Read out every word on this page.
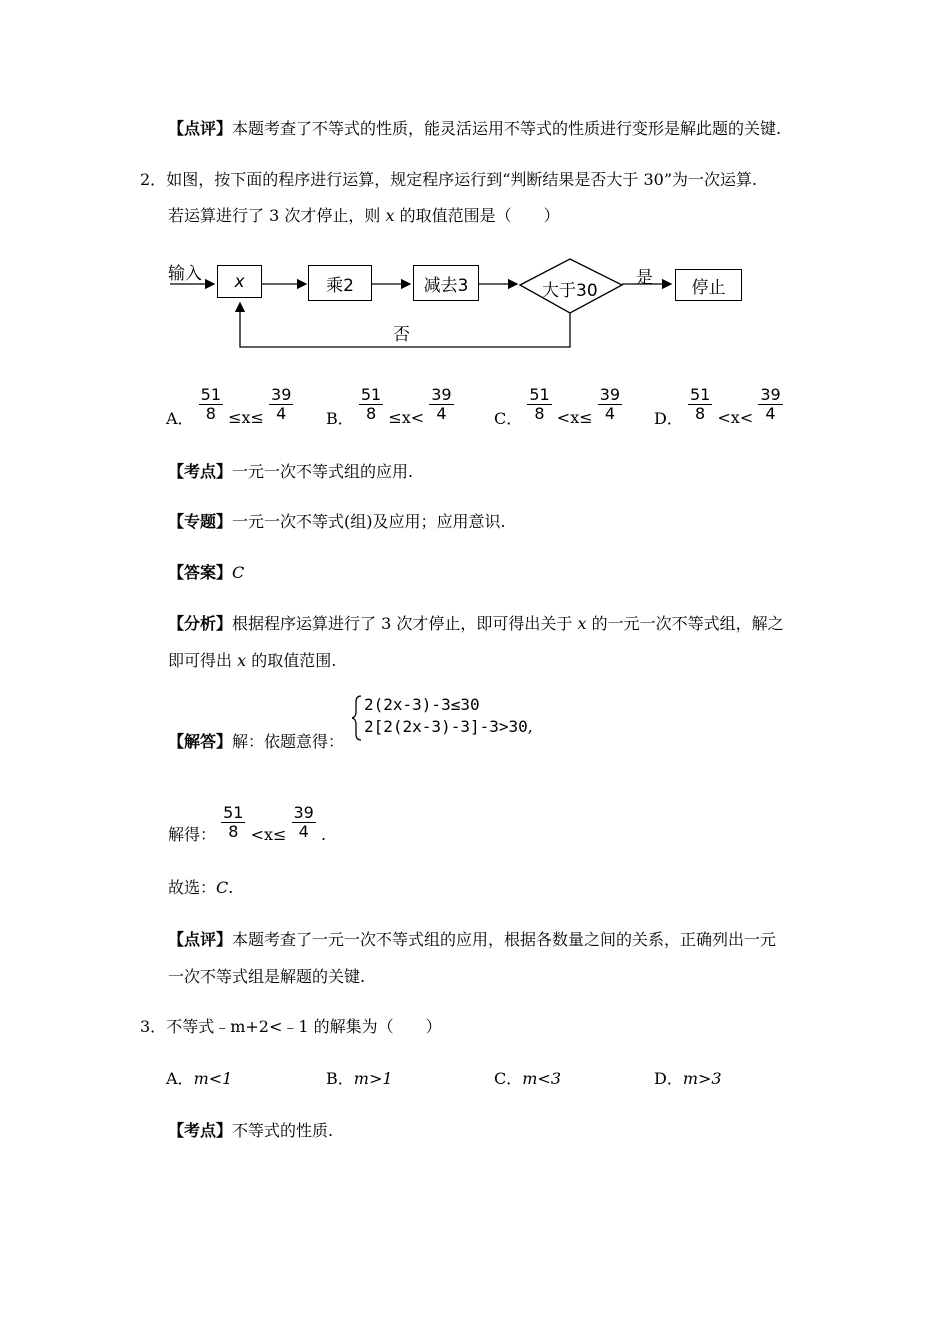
【点评】本题考查了不等式的性质，能灵活运用不等式的性质进行变形是解此题的关键.
2．如图，按下面的程序进行运算，规定程序运行到“判断结果是否大于 30”为一次运算.
若运算进行了 3 次才停止，则 x 的取值范围是（　　）
输入 x	乘2	减去3	大于30
是 停止
否
A． $\frac{51}{8} \le x\le \frac{39}{4}$ B． $\frac{51}{8} \le x< \frac{39}{4}$	C． $\frac{51}{8} <x\le \frac{39}{4}$ D． $\frac{51}{8} <x< \frac{39}{4}$
【考点】一元一次不等式组的应用.
【专题】一元一次不等式(组)及应用；应用意识.
【答案】C
【分析】根据程序运算进行了 3 次才停止，即可得出关于 x 的一元一次不等式组，解之
即可得出 x 的取值范围.
【解答】解：依题意得：
2(2x-3)-3≤30
2[2(2x-3)-3]-3>30,
解得： $\frac{51}{8} <x\le \frac{39}{4}$ .
故选：C.
【点评】本题考查了一元一次不等式组的应用，根据各数量之间的关系，正确列出一元
一次不等式组是解题的关键.
3．不等式﹣m+2<﹣1 的解集为（　　）
A．m<1	B．m>1	C．m<3	D．m>3
【考点】不等式的性质.
